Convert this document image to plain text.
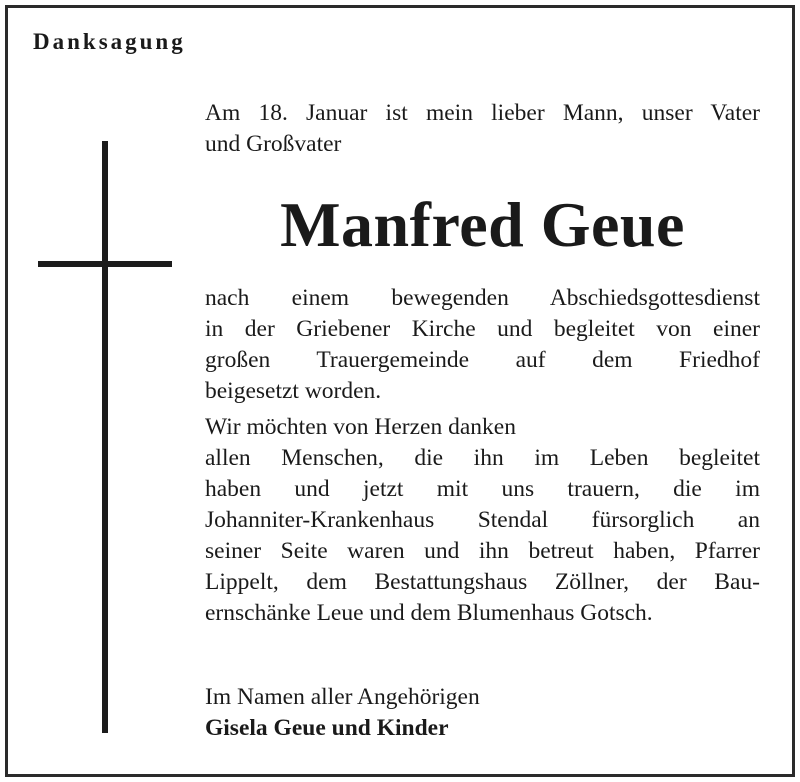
Danksagung
Am 18. Januar ist mein lieber Mann, unser Vater
und Großvater
Manfred Geue
nach einem bewegenden Abschiedsgottesdienst
in der Griebener Kirche und begleitet von einer
großen Trauergemeinde auf dem Friedhof
beigesetzt worden.
Wir möchten von Herzen danken
allen Menschen, die ihn im Leben begleitet
haben und jetzt mit uns trauern, die im
Johanniter-Krankenhaus Stendal fürsorglich an
seiner Seite waren und ihn betreut haben, Pfarrer
Lippelt, dem Bestattungshaus Zöllner, der Bau-
ernschänke Leue und dem Blumenhaus Gotsch.
Im Namen aller Angehörigen
Gisela Geue und Kinder
